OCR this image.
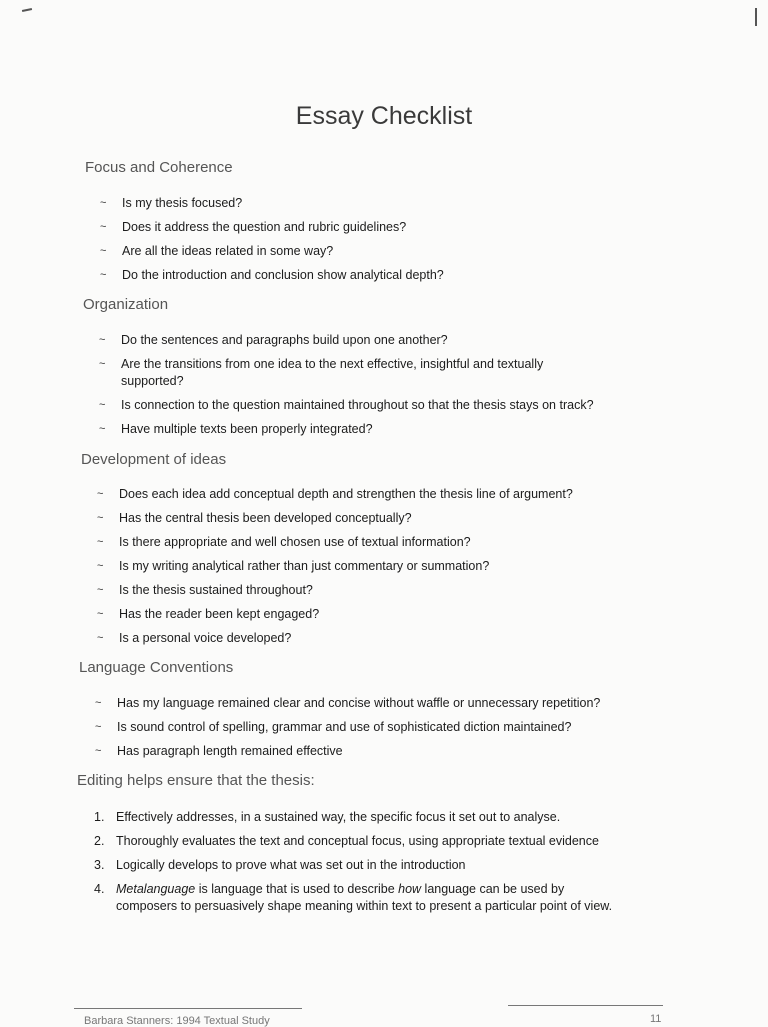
Essay Checklist
Focus and Coherence
~ Is my thesis focused?
~ Does it address the question and rubric guidelines?
~ Are all the ideas related in some way?
~ Do the introduction and conclusion show analytical depth?
Organization
~ Do the sentences and paragraphs build upon one another?
~ Are the transitions from one idea to the next effective, insightful and textually supported?
~ Is connection to the question maintained throughout so that the thesis stays on track?
~ Have multiple texts been properly integrated?
Development of ideas
~ Does each idea add conceptual depth and strengthen the thesis line of argument?
~ Has the central thesis been developed conceptually?
~ Is there appropriate and well chosen use of textual information?
~ Is my writing analytical rather than just commentary or summation?
~ Is the thesis sustained throughout?
~ Has the reader been kept engaged?
~ Is a personal voice developed?
Language Conventions
~ Has my language remained clear and concise without waffle or unnecessary repetition?
~ Is sound control of spelling, grammar and use of sophisticated diction maintained?
~ Has paragraph length remained effective
Editing helps ensure that the thesis:
1. Effectively addresses, in a sustained way, the specific focus it set out to analyse.
2. Thoroughly evaluates the text and conceptual focus, using appropriate textual evidence
3. Logically develops to prove what was set out in the introduction
4. Metalanguage is language that is used to describe how language can be used by composers to persuasively shape meaning within text to present a particular point of view.
Barbara Stanners: 1994 Textual Study	11
